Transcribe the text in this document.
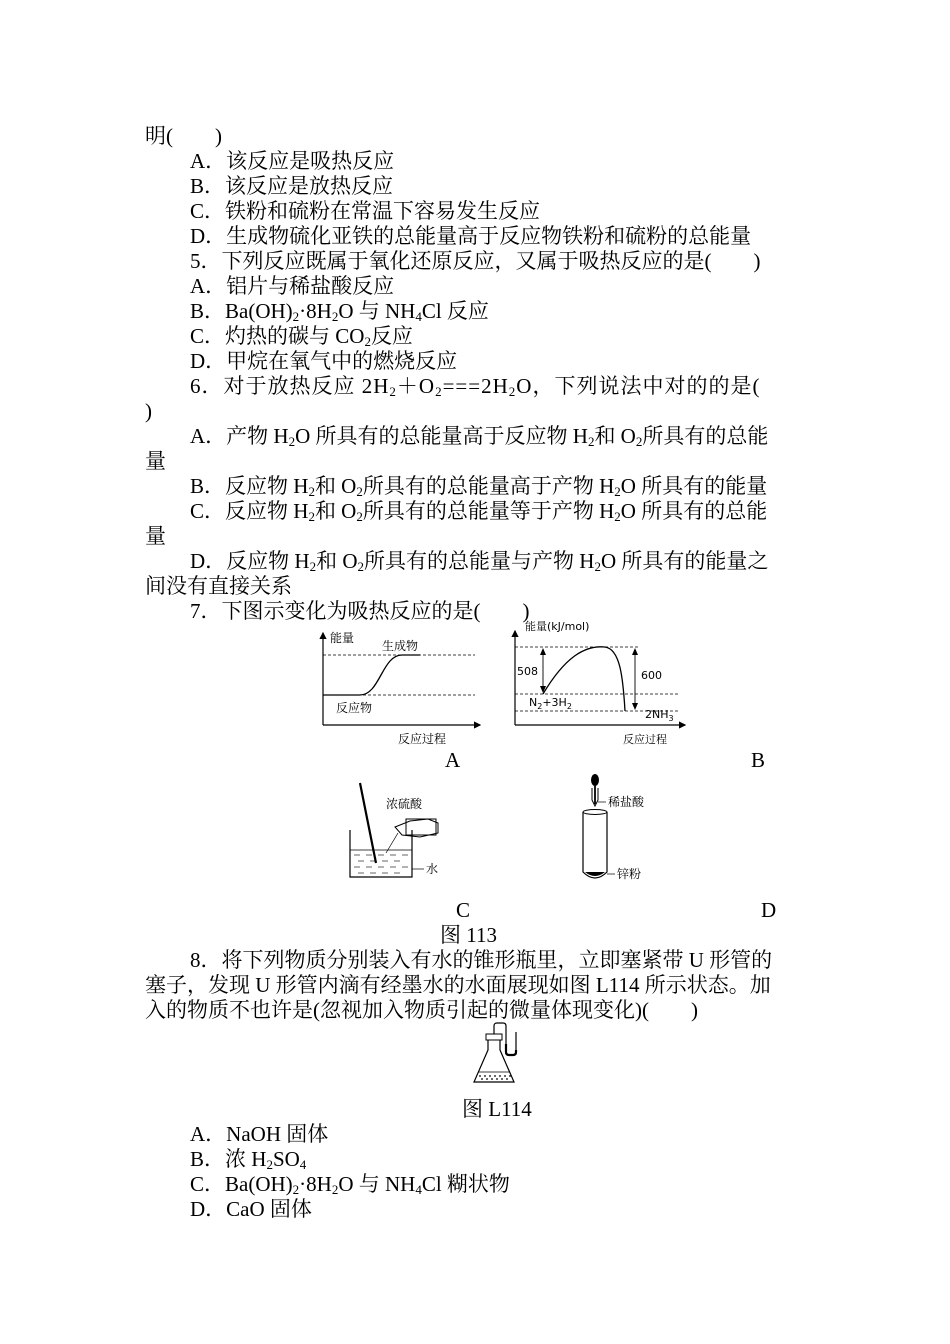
明(　　)
A．该反应是吸热反应
B．该反应是放热反应
C．铁粉和硫粉在常温下容易发生反应
D．生成物硫化亚铁的总能量高于反应物铁粉和硫粉的总能量
5．下列反应既属于氧化还原反应，又属于吸热反应的是(　　)
A．铝片与稀盐酸反应
B．$Ba(OH)_2\cdot 8H_2O$ 与 $NH_4Cl$ 反应
C．灼热的碳与 $CO_2$反应
D．甲烷在氧气中的燃烧反应
6．对于放热反应 $2H_2+O_2===2H_2O$，下列说法中对的的是(
)
A．产物 $H_2O$ 所具有的总能量高于反应物 $H_2$和 $O_2$所具有的总能
量
B．反应物 $H_2$和 $O_2$所具有的总能量高于产物 $H_2O$ 所具有的能量
C．反应物 $H_2$和 $O_2$所具有的总能量等于产物 $H_2O$ 所具有的总能
量
D．反应物 $H_2$和 $O_2$所具有的总能量与产物 $H_2O$ 所具有的能量之
间没有直接关系
7．下图示变化为吸热反应的是(　　)
能量
生成物
反应物
反应过程
能量(kJ/mol)
508	600
$N_2+3H_2$
$2NH_3$
反应过程
A	B
浓硫酸
水
稀盐酸
锌粉
C	D
图 113
8．将下列物质分别装入有水的锥形瓶里，立即塞紧带 U 形管的
塞子，发现 U 形管内滴有经墨水的水面展现如图 L114 所示状态。加
入的物质不也许是(忽视加入物质引起的微量体现变化)(　　)
图 L114
A．NaOH 固体
B．浓 $H_2SO_4$
C．$Ba(OH)_2\cdot 8H_2O$ 与 $NH_4Cl$ 糊状物
D．CaO 固体
